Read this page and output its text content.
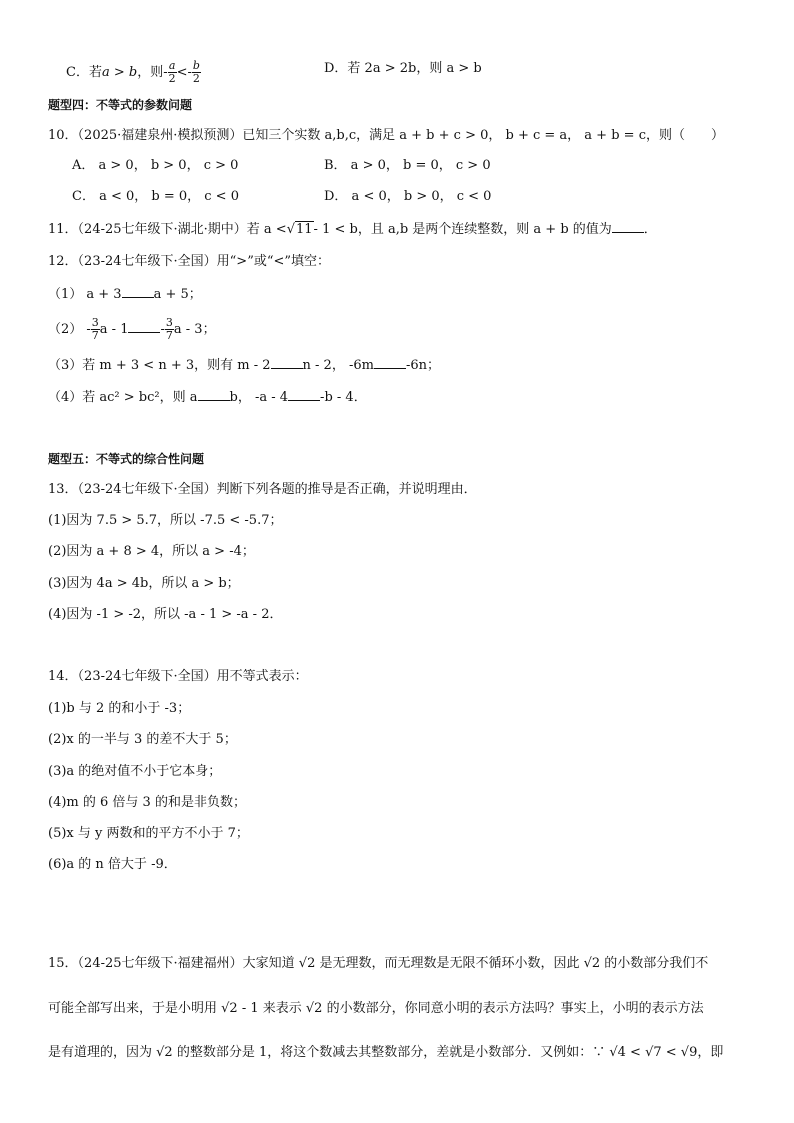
C．若a > b，则- $\frac{a}{2} <- \frac{b}{2}$	D．若 2a > 2b，则 a > b
题型四：不等式的参数问题
10．（2025·福建泉州·模拟预测）已知三个实数 a,b,c，满足 a + b + c > 0， b + c = a， a + b = c，则（　　）
A． a > 0， b > 0， c > 0	B． a > 0， b = 0， c > 0
C． a < 0， b = 0， c < 0	D． a < 0， b > 0， c < 0
11．（24-25七年级下·湖北·期中）若 a <√11- 1 < b，且 a,b 是两个连续整数，则 a + b 的值为 ．
12．（23-24七年级下·全国）用“>”或“<”填空：
（1） a + 3 a + 5；
$(2) - \frac{3}{7}$ a - $1 - \frac{3}{7}$ a - 3；
（3）若 m + 3 < n + 3，则有 m - 2 n - 2， -6m -6n；
（4）若 ac² > bc²，则 a b， -a - 4 -b - 4．
题型五：不等式的综合性问题
13．（23-24七年级下·全国）判断下列各题的推导是否正确，并说明理由．
(1)因为 7.5 > 5.7，所以 -7.5 < -5.7；
(2)因为 a + 8 > 4，所以 a > -4；
(3)因为 4a > 4b，所以 a > b；
(4)因为 -1 > -2，所以 -a - 1 > -a - 2．
14．（23-24七年级下·全国）用不等式表示：
(1)b 与 2 的和小于 -3；
(2)x 的一半与 3 的差不大于 5；
(3)a 的绝对值不小于它本身；
(4)m 的 6 倍与 3 的和是非负数；
(5)x 与 y 两数和的平方不小于 7；
(6)a 的 n 倍大于 -9．
15．（24-25七年级下·福建福州）大家知道 √2 是无理数，而无理数是无限不循环小数，因此 √2 的小数部分我们不
可能全部写出来，于是小明用 √2 - 1 来表示 √2 的小数部分，你同意小明的表示方法吗？事实上，小明的表示方法
是有道理的，因为 √2 的整数部分是 1，将这个数减去其整数部分，差就是小数部分．又例如：∵ √4 < √7 < √9，即
